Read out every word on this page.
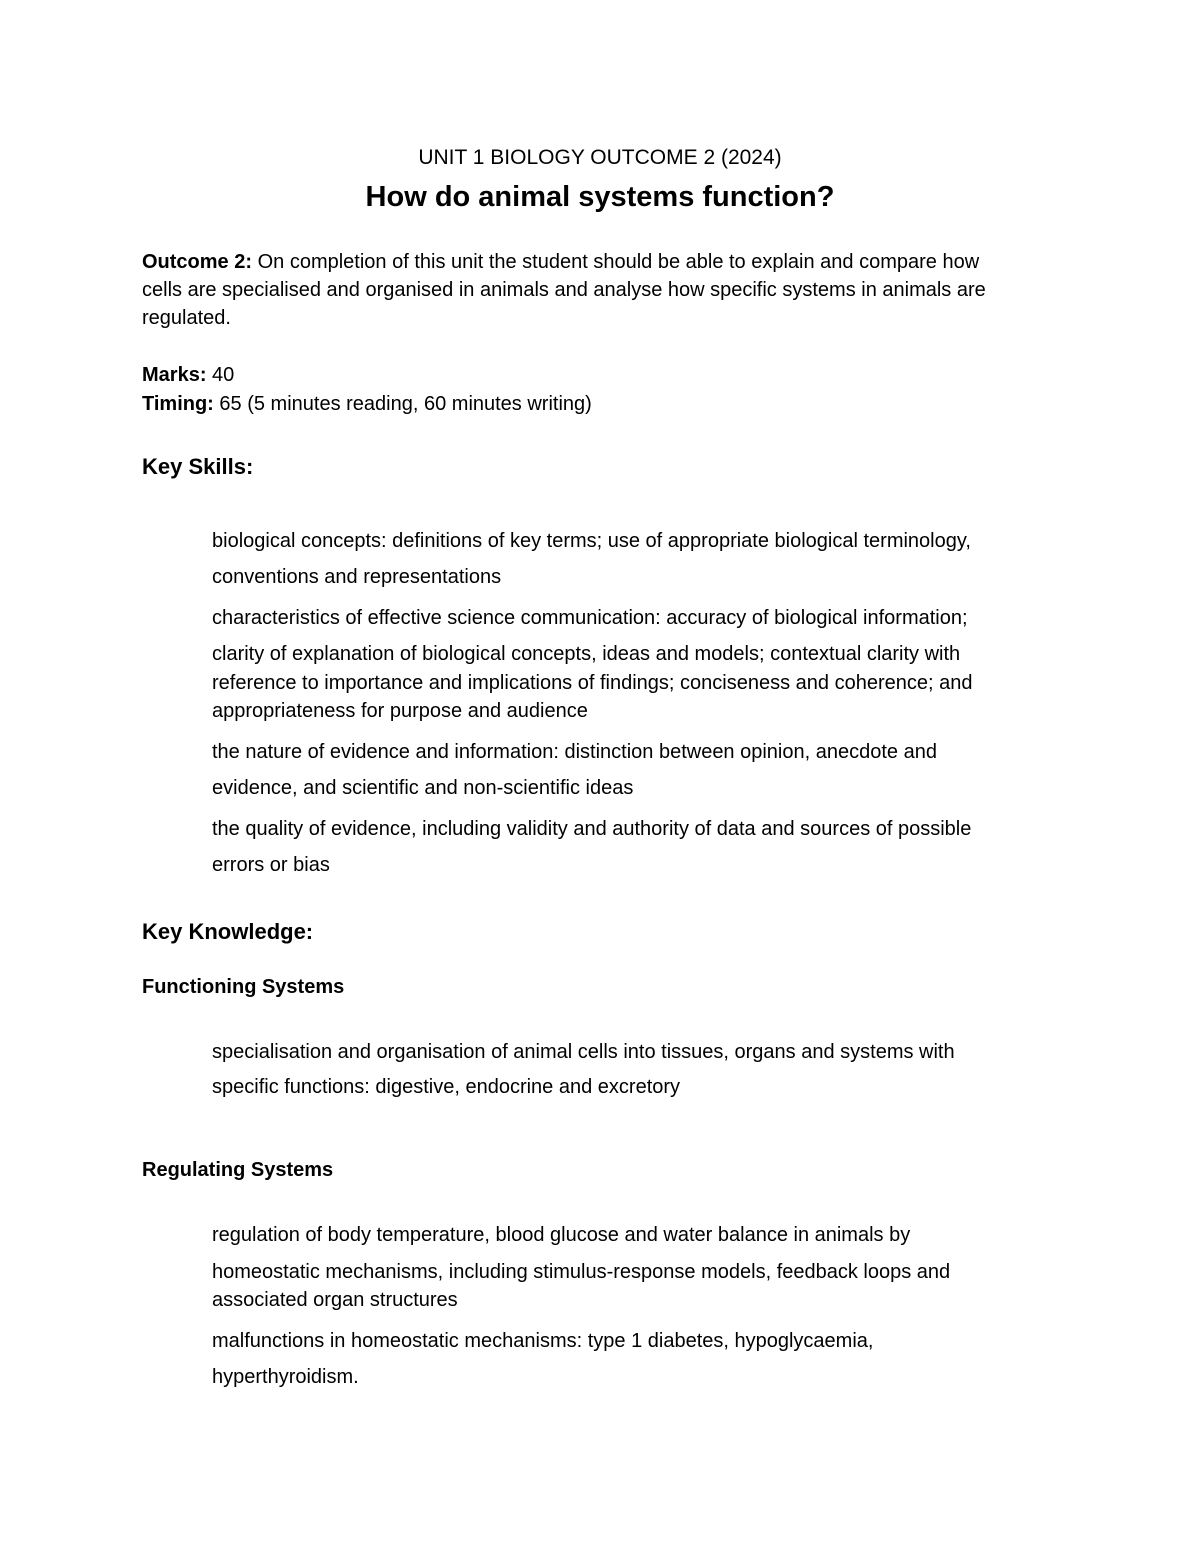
UNIT 1 BIOLOGY OUTCOME 2 (2024)

How do animal systems function?

Outcome 2: On completion of this unit the student should be able to explain and compare how

cells are specialised and organised in animals and analyse how specific systems in animals are

regulated.

Marks: 40

Timing: 65 (5 minutes reading, 60 minutes writing)

Key Skills:

biological concepts: definitions of key terms; use of appropriate biological terminology,

conventions and representations

characteristics of effective science communication: accuracy of biological information;

clarity of explanation of biological concepts, ideas and models; contextual clarity with

reference to importance and implications of findings; conciseness and coherence; and

appropriateness for purpose and audience

the nature of evidence and information: distinction between opinion, anecdote and

evidence, and scientific and non-scientific ideas

the quality of evidence, including validity and authority of data and sources of possible

errors or bias

Key Knowledge:

Functioning Systems

specialisation and organisation of animal cells into tissues, organs and systems with

specific functions: digestive, endocrine and excretory

Regulating Systems

regulation of body temperature, blood glucose and water balance in animals by

homeostatic mechanisms, including stimulus-response models, feedback loops and

associated organ structures

malfunctions in homeostatic mechanisms: type 1 diabetes, hypoglycaemia,

hyperthyroidism.
